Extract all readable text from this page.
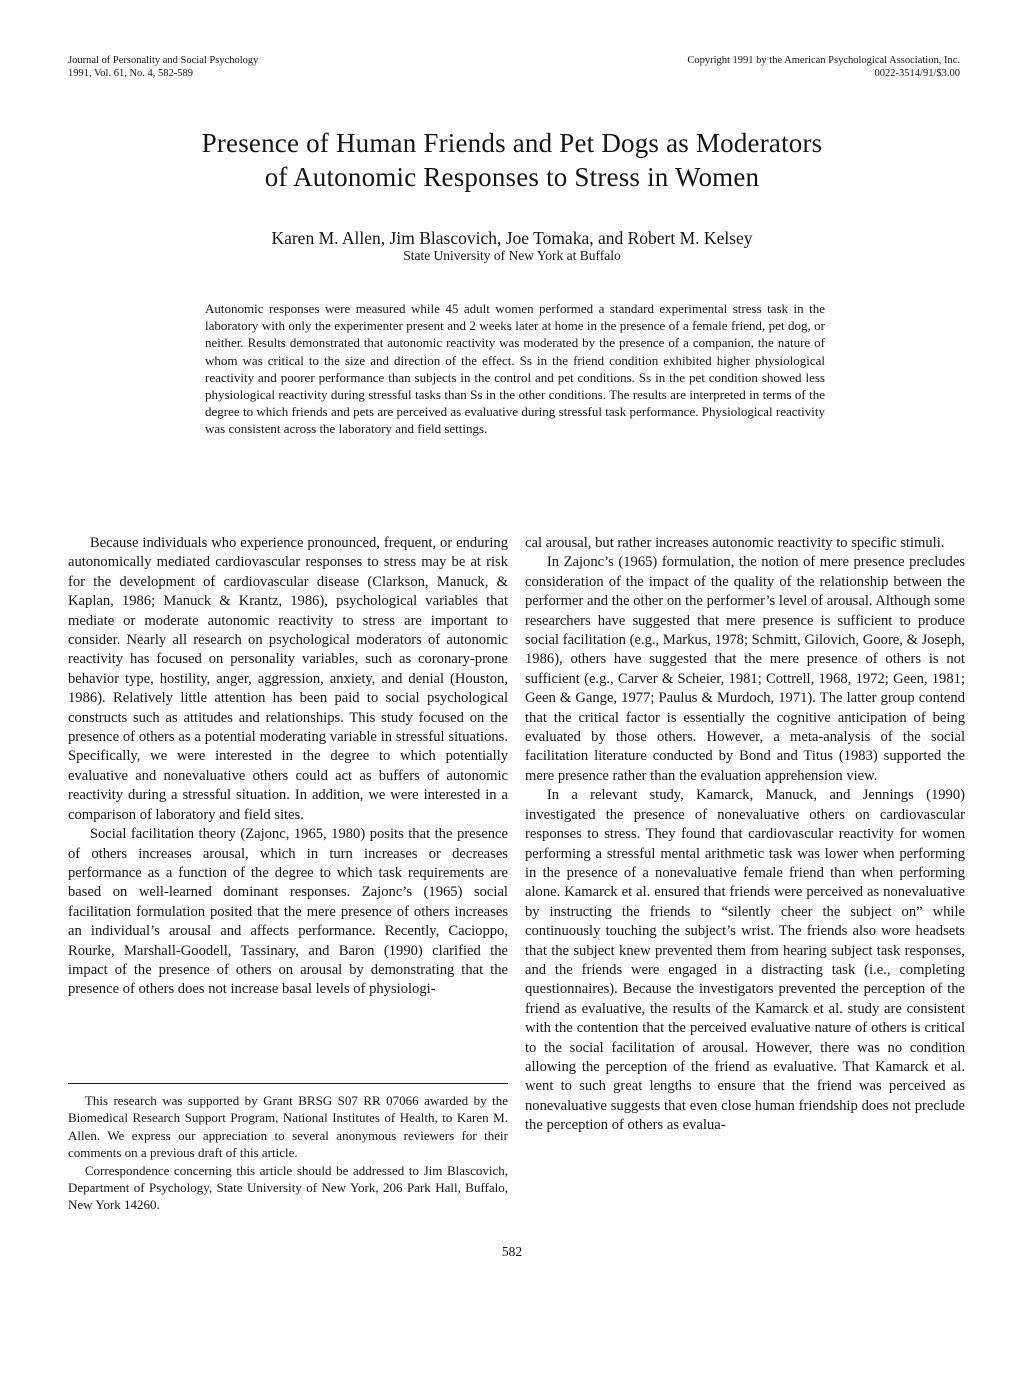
Journal of Personality and Social Psychology
1991, Vol. 61, No. 4, 582-589
Copyright 1991 by the American Psychological Association, Inc.
0022-3514/91/$3.00
Presence of Human Friends and Pet Dogs as Moderators
of Autonomic Responses to Stress in Women
Karen M. Allen, Jim Blascovich, Joe Tomaka, and Robert M. Kelsey
State University of New York at Buffalo
Autonomic responses were measured while 45 adult women performed a standard experimental stress task in the laboratory with only the experimenter present and 2 weeks later at home in the presence of a female friend, pet dog, or neither. Results demonstrated that autonomic reactivity was moderated by the presence of a companion, the nature of whom was critical to the size and direction of the effect. Ss in the friend condition exhibited higher physiological reactivity and poorer performance than subjects in the control and pet conditions. Ss in the pet condition showed less physiological reactivity during stressful tasks than Ss in the other conditions. The results are interpreted in terms of the degree to which friends and pets are perceived as evaluative during stressful task performance. Physiological reactivity was consistent across the laboratory and field settings.

Because individuals who experience pronounced, frequent, or enduring autonomically mediated cardiovascular responses to stress may be at risk for the development of cardiovascular disease (Clarkson, Manuck, & Kaplan, 1986; Manuck & Krantz, 1986), psychological variables that mediate or moderate autonomic reactivity to stress are important to consider. Nearly all research on psychological moderators of autonomic reactivity has focused on personality variables, such as coronary-prone behavior type, hostility, anger, aggression, anxiety, and denial (Houston, 1986). Relatively little attention has been paid to social psychological constructs such as attitudes and relationships. This study focused on the presence of others as a potential moderating variable in stressful situations. Specifically, we were interested in the degree to which potentially evaluative and nonevaluative others could act as buffers of autonomic reactivity during a stressful situation. In addition, we were interested in a comparison of laboratory and field sites.

Social facilitation theory (Zajonc, 1965, 1980) posits that the presence of others increases arousal, which in turn increases or decreases performance as a function of the degree to which task requirements are based on well-learned dominant responses. Zajonc’s (1965) social facilitation formulation posited that the mere presence of others increases an individual’s arousal and affects performance. Recently, Cacioppo, Rourke, Marshall-Goodell, Tassinary, and Baron (1990) clarified the impact of the presence of others on arousal by demonstrating that the presence of others does not increase basal levels of physiologi-

cal arousal, but rather increases autonomic reactivity to specific stimuli.

In Zajonc’s (1965) formulation, the notion of mere presence precludes consideration of the impact of the quality of the relationship between the performer and the other on the performer’s level of arousal. Although some researchers have suggested that mere presence is sufficient to produce social facilitation (e.g., Markus, 1978; Schmitt, Gilovich, Goore, & Joseph, 1986), others have suggested that the mere presence of others is not sufficient (e.g., Carver & Scheier, 1981; Cottrell, 1968, 1972; Geen, 1981; Geen & Gange, 1977; Paulus & Murdoch, 1971). The latter group contend that the critical factor is essentially the cognitive anticipation of being evaluated by those others. However, a meta-analysis of the social facilitation literature conducted by Bond and Titus (1983) supported the mere presence rather than the evaluation apprehension view.

In a relevant study, Kamarck, Manuck, and Jennings (1990) investigated the presence of nonevaluative others on cardiovascular responses to stress. They found that cardiovascular reactivity for women performing a stressful mental arithmetic task was lower when performing in the presence of a nonevaluative female friend than when performing alone. Kamarck et al. ensured that friends were perceived as nonevaluative by instructing the friends to “silently cheer the subject on” while continuously touching the subject’s wrist. The friends also wore headsets that the subject knew prevented them from hearing subject task responses, and the friends were engaged in a distracting task (i.e., completing questionnaires). Because the investigators prevented the perception of the friend as evaluative, the results of the Kamarck et al. study are consistent with the contention that the perceived evaluative nature of others is critical to the social facilitation of arousal. However, there was no condition allowing the perception of the friend as evaluative. That Kamarck et al. went to such great lengths to ensure that the friend was perceived as nonevaluative suggests that even close human friendship does not preclude the perception of others as evalua-

This research was supported by Grant BRSG S07 RR 07066 awarded by the Biomedical Research Support Program, National Institutes of Health, to Karen M. Allen. We express our appreciation to several anonymous reviewers for their comments on a previous draft of this article.

Correspondence concerning this article should be addressed to Jim Blascovich, Department of Psychology, State University of New York, 206 Park Hall, Buffalo, New York 14260.

582
